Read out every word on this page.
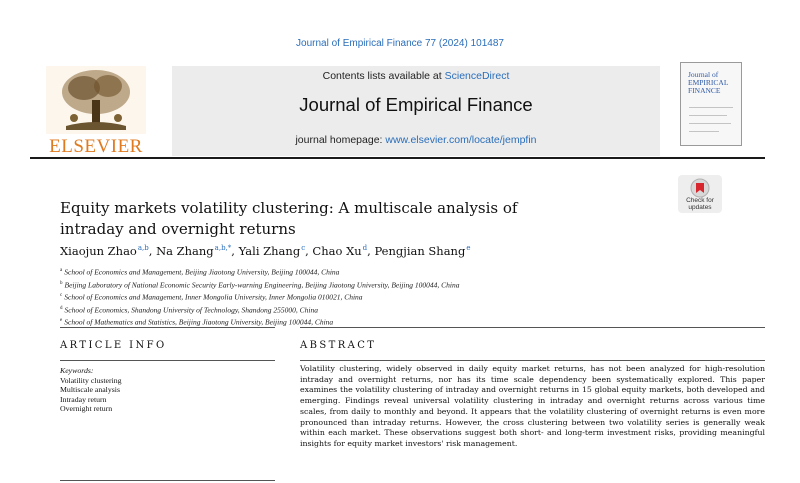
Journal of Empirical Finance 77 (2024) 101487
ELSEVIER
Contents lists available at ScienceDirect
Journal of Empirical Finance
journal homepage: www.elsevier.com/locate/jempfin
Journal of EMPIRICAL FINANCE
Check for
updates
Equity markets volatility clustering: A multiscale analysis of
intraday and overnight returns
Xiaojun Zhao$^{a,b}$, Na Zhang$^{a,b,*}$, Yali Zhang$^c$, Chao Xu$^d$, Pengjian Shang$^e$
$^a$ School of Economics and Management, Beijing Jiaotong University, Beijing 100044, China
$^b$ Beijing Laboratory of National Economic Security Early-warning Engineering, Beijing Jiaotong University, Beijing 100044, China
$^c$ School of Economics and Management, Inner Mongolia University, Inner Mongolia 010021, China
$^d$ School of Economics, Shandong University of Technology, Shandong 255000, China
$^e$ School of Mathematics and Statistics, Beijing Jiaotong University, Beijing 100044, China
ARTICLE INFO	ABSTRACT
Keywords:
Volatility clustering
Multiscale analysis
Intraday return
Overnight return
Volatility clustering, widely observed in daily equity market returns, has not been analyzed for high-resolution intraday and overnight returns, nor has its time scale dependency been systematically explored. This paper examines the volatility clustering of intraday and overnight returns in 15 global equity markets, both developed and emerging. Findings reveal universal volatility clustering in intraday and overnight returns across various time scales, from daily to monthly and beyond. It appears that the volatility clustering of overnight returns is even more pronounced than intraday returns. However, the cross clustering between two volatility series is generally weak within each market. These observations suggest both short- and long-term investment risks, providing meaningful insights for equity market investors' risk management.
